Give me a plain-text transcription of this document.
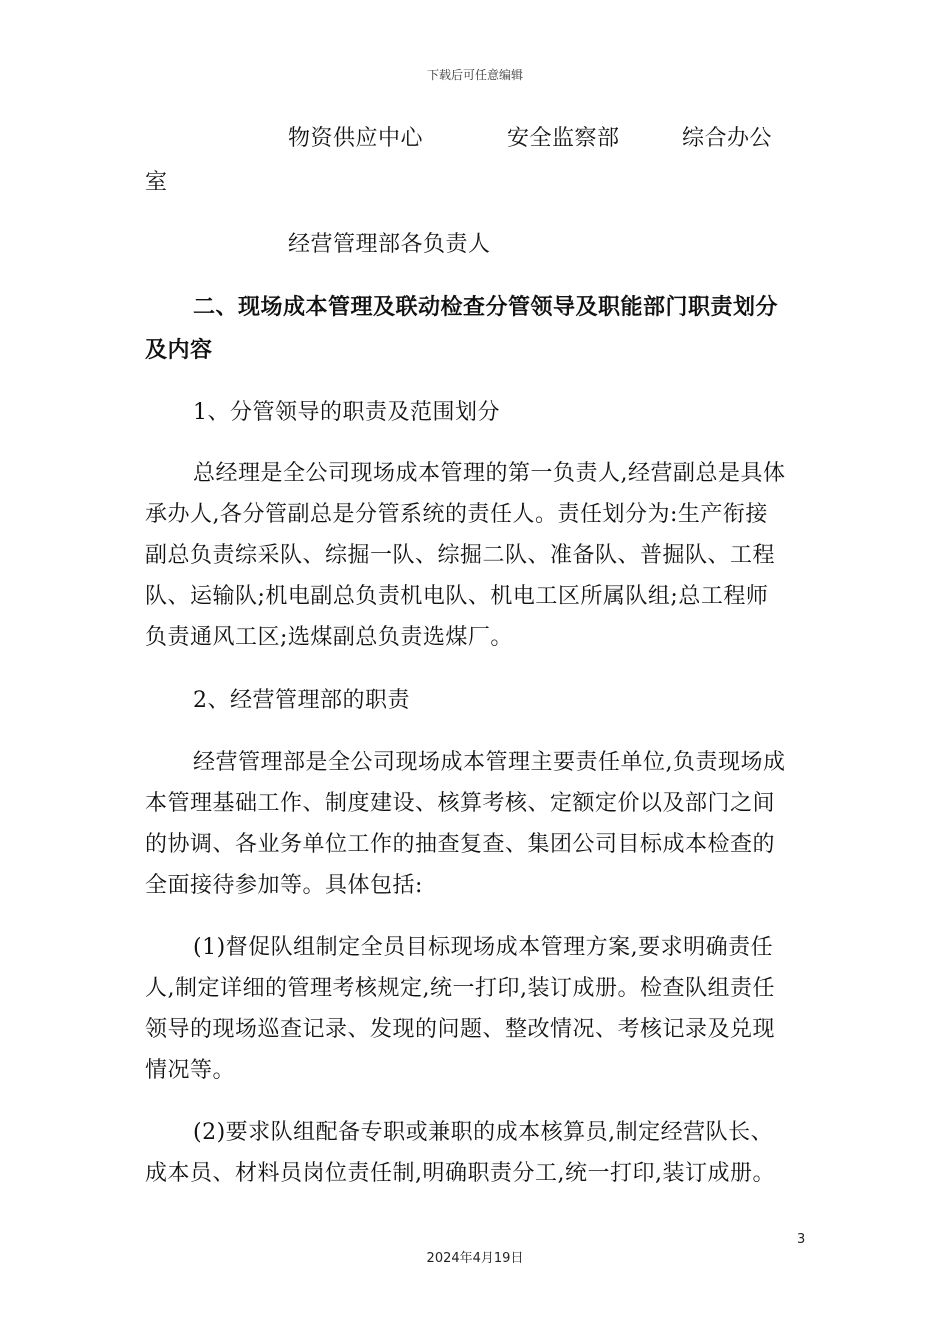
下载后可任意编辑
物资供应中心	安全监察部	综合办公
室
经营管理部各负责人
二、现场成本管理及联动检查分管领导及职能部门职责划分
及内容
1、分管领导的职责及范围划分
总经理是全公司现场成本管理的第一负责人,经营副总是具体
承办人,各分管副总是分管系统的责任人。责任划分为:生产衔接
副总负责综采队、综掘一队、综掘二队、准备队、普掘队、工程
队、运输队;机电副总负责机电队、机电工区所属队组;总工程师
负责通风工区;选煤副总负责选煤厂。
2、经营管理部的职责
经营管理部是全公司现场成本管理主要责任单位,负责现场成
本管理基础工作、制度建设、核算考核、定额定价以及部门之间
的协调、各业务单位工作的抽查复查、集团公司目标成本检查的
全面接待参加等。具体包括:
(1)督促队组制定全员目标现场成本管理方案,要求明确责任
人,制定详细的管理考核规定,统一打印,装订成册。检查队组责任
领导的现场巡查记录、发现的问题、整改情况、考核记录及兑现
情况等。
(2)要求队组配备专职或兼职的成本核算员,制定经营队长、
成本员、材料员岗位责任制,明确职责分工,统一打印,装订成册。
3
2024年4月19日
